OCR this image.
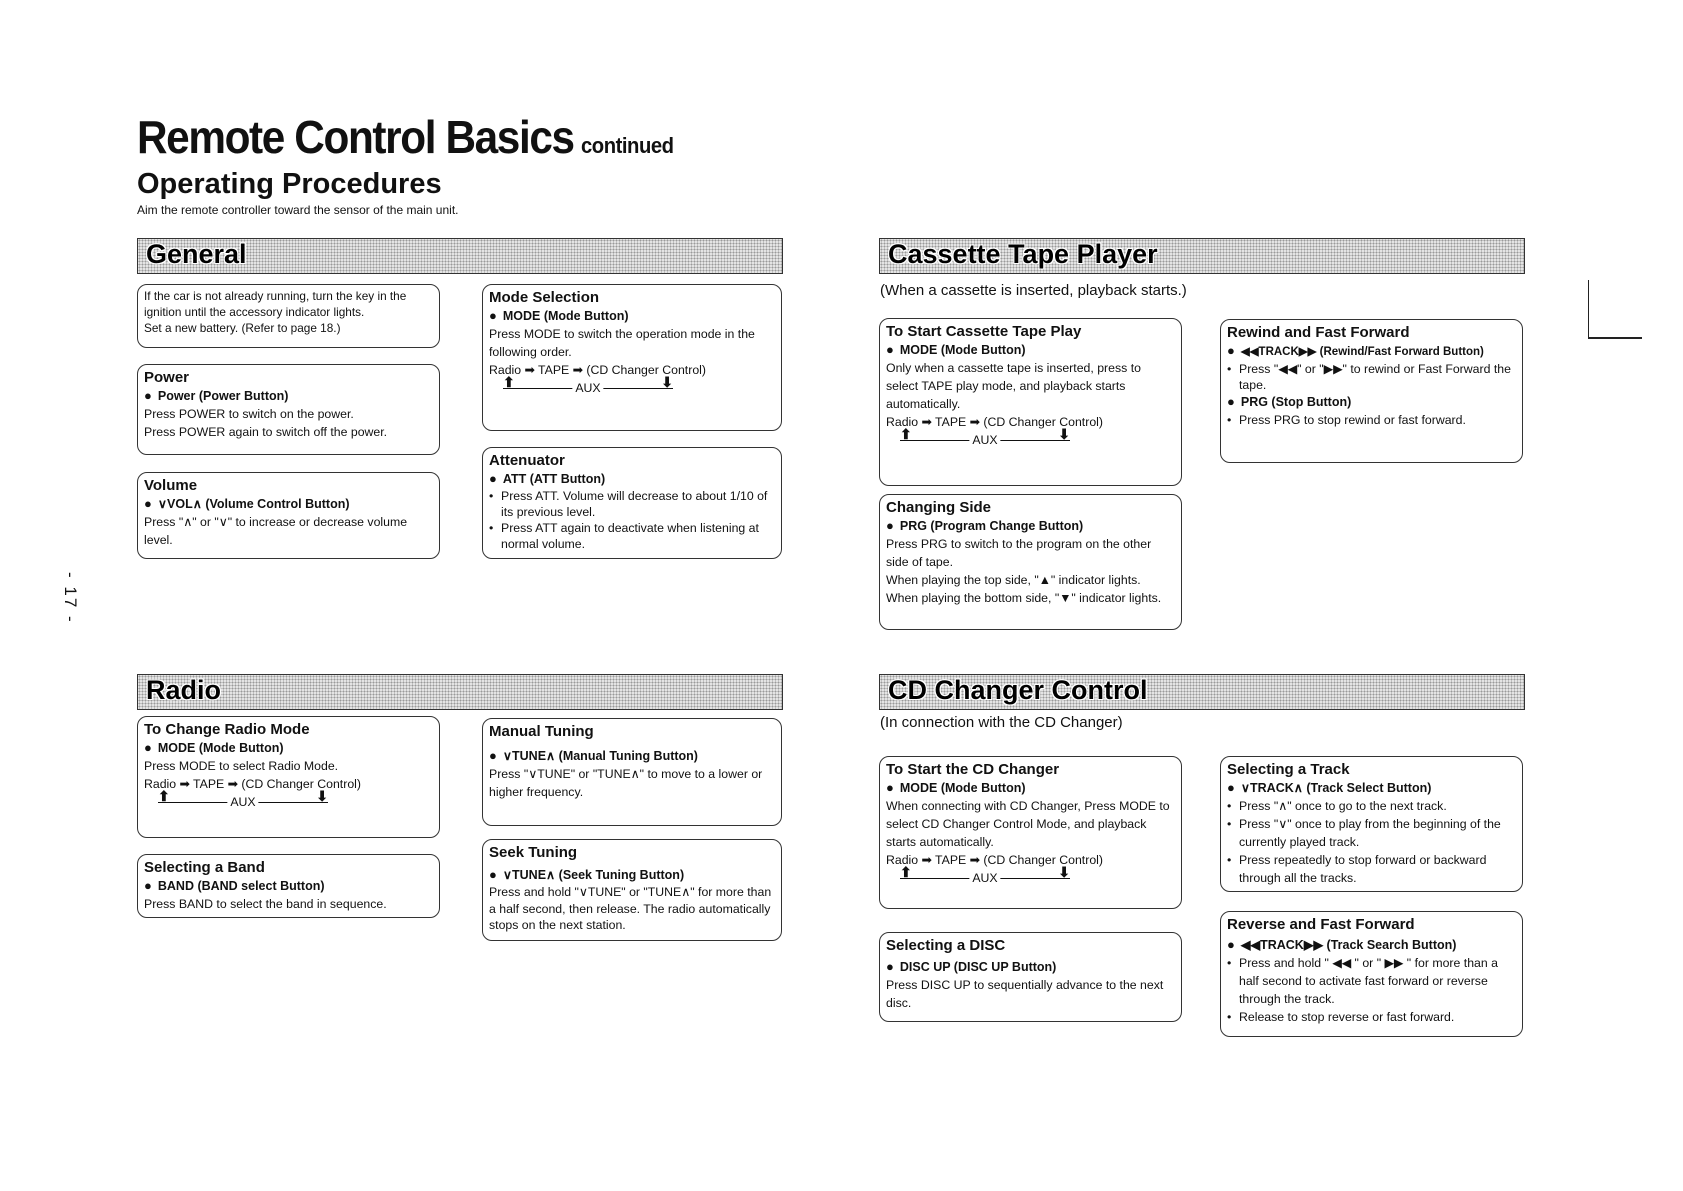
Remote Control Basics continued
Operating Procedures
Aim the remote controller toward the sensor of the main unit.
- 17 -
General
If the car is not already running, turn the key in the ignition until the accessory indicator lights.
Set a new battery. (Refer to page 18.)
Power
● Power (Power Button)
Press POWER to switch on the power.
Press POWER again to switch off the power.
Volume
● ∨VOL∧ (Volume Control Button)
Press "∧" or "∨" to increase or decrease volume level.
Mode Selection
● MODE (Mode Button)
Press MODE to switch the operation mode in the following order.
Radio ➡ TAPE ➡ (CD Changer Control)
⬆	⬇
AUX
Attenuator
● ATT (ATT Button)
• Press ATT. Volume will decrease to about 1/10 of its previous level.
• Press ATT again to deactivate when listening at normal volume.
Radio
To Change Radio Mode
● MODE (Mode Button)
Press MODE to select Radio Mode.
Radio ➡ TAPE ➡ (CD Changer Control)
⬆	⬇
AUX
Selecting a Band
● BAND (BAND select Button)
Press BAND to select the band in sequence.
Manual Tuning
● ∨TUNE∧ (Manual Tuning Button)
Press "∨TUNE" or "TUNE∧" to move to a lower or higher frequency.
Seek Tuning
● ∨TUNE∧ (Seek Tuning Button)
Press and hold "∨TUNE" or "TUNE∧" for more than a half second, then release. The radio automatically stops on the next station.
Cassette Tape Player
(When a cassette is inserted, playback starts.)
To Start Cassette Tape Play
● MODE (Mode Button)
Only when a cassette tape is inserted, press to select TAPE play mode, and playback starts automatically.
Radio ➡ TAPE ➡ (CD Changer Control)
⬆	⬇
AUX
Changing Side
● PRG (Program Change Button)
Press PRG to switch to the program on the other side of tape.
When playing the top side, "▲" indicator lights.
When playing the bottom side, "▼" indicator lights.
Rewind and Fast Forward
● ◀◀TRACK▶▶ (Rewind/Fast Forward Button)
• Press "◀◀" or "▶▶" to rewind or Fast Forward the tape.
● PRG (Stop Button)
• Press PRG to stop rewind or fast forward.
CD Changer Control
(In connection with the CD Changer)
To Start the CD Changer
● MODE (Mode Button)
When connecting with CD Changer, Press MODE to select CD Changer Control Mode, and playback starts automatically.
Radio ➡ TAPE ➡ (CD Changer Control)
⬆	⬇
AUX
Selecting a DISC
● DISC UP (DISC UP Button)
Press DISC UP to sequentially advance to the next disc.
Selecting a Track
● ∨TRACK∧ (Track Select Button)
• Press "∧" once to go to the next track.
• Press "∨" once to play from the beginning of the currently played track.
• Press repeatedly to stop forward or backward through all the tracks.
Reverse and Fast Forward
● ◀◀TRACK▶▶ (Track Search Button)
• Press and hold " ◀◀ " or " ▶▶ " for more than a half second to activate fast forward or reverse through the track.
• Release to stop reverse or fast forward.
